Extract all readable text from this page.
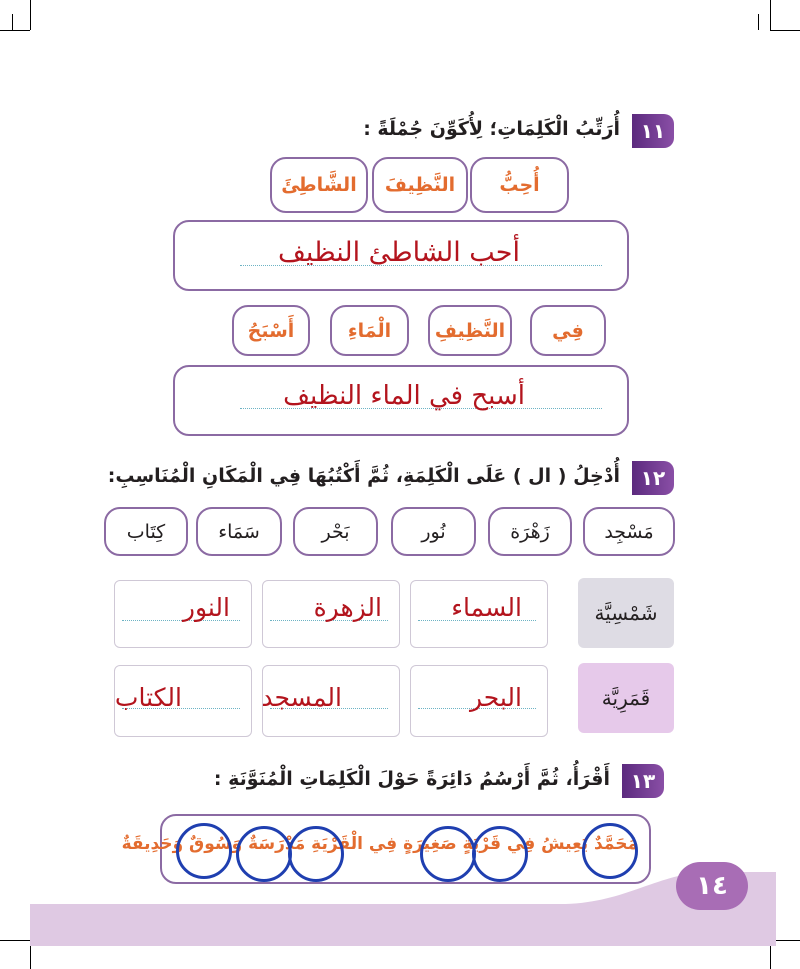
١١
أُرَتِّبُ الْكَلِمَاتِ؛ لِأُكَوِّنَ جُمْلَةً :
أُحِبُّ
النَّظِيفَ
الشَّاطِئَ
أحب الشاطئ النظيف
فِي
النَّظِيفِ
الْمَاءِ
أَسْبَحُ
أسبح في الماء النظيف
١٢
أُدْخِلُ ( ال ) عَلَى الْكَلِمَةِ، ثُمَّ أَكْتُبُهَا فِي الْمَكَانِ الْمُنَاسِبِ:
مَسْجِد
زَهْرَة
نُور
بَحْر
سَمَاء
كِتَاب
شَمْسِيَّة
السماء
الزهرة
النور
قَمَرِيَّة
البحر
المسجد
الكتاب
١٣
أَقْرَأُ، ثُمَّ أَرْسُمُ دَائِرَةً حَوْلَ الْكَلِمَاتِ الْمُنَوَّنَةِ :
مُحَمَّدٌ يَعِيشُ فِي قَرْيَةٍ صَغِيرَةٍ فِي الْقَرْيَةِ مَدْرَسَةٌ وَسُوقٌ وَحَدِيقَةٌ
١٤
